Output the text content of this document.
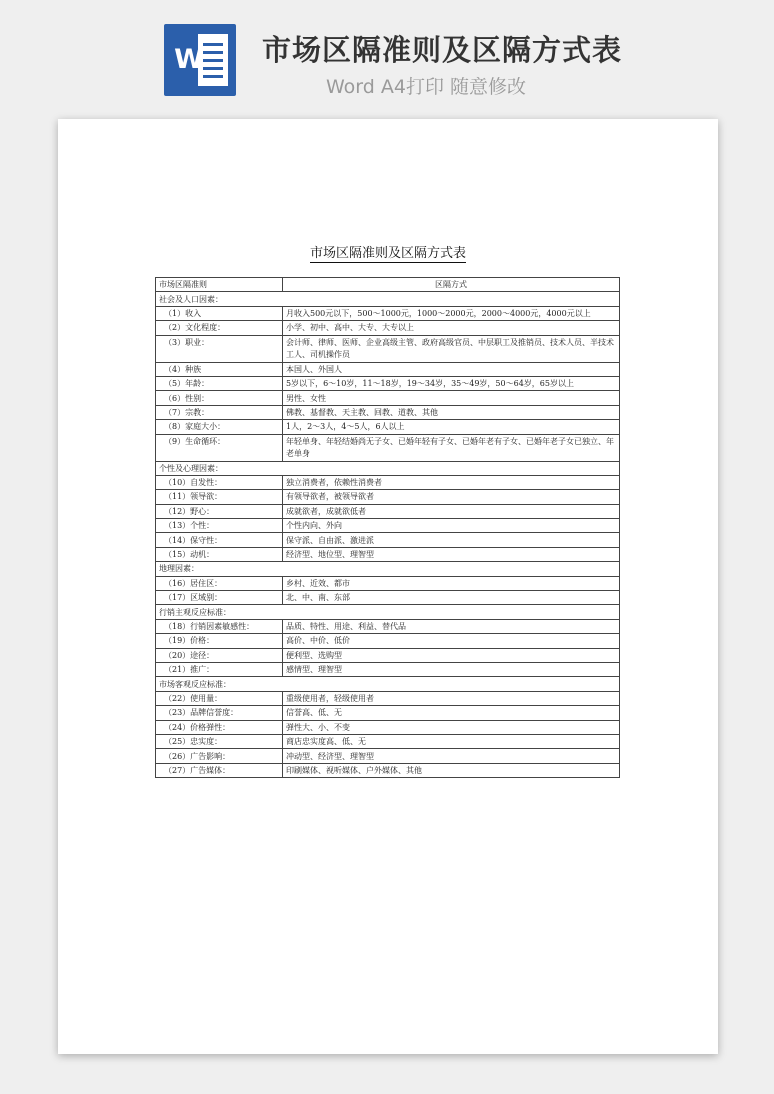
W 市场区隔准则及区隔方式表
Word A4打印 随意修改
市场区隔准则及区隔方式表
市场区隔准则	区隔方式
社会及人口因素：	
（1）收入	月收入500元以下，500～1000元，1000～2000元，2000～4000元，4000元以上
（2）文化程度：	小学、初中、高中、大专、大专以上
（3）职业：	会计师、律师、医师、企业高级主管、政府高级官员、中层职工及推销员、技术人员、半技术工人、司机操作员
（4）种族	本国人、外国人
（5）年龄：	5岁以下，6～10岁，11～18岁，19～34岁，35～49岁，50～64岁，65岁以上
（6）性别：	男性、女性
（7）宗教：	佛教、基督教、天主教、回教、道教、其他
（8）家庭大小：	1人，2～3人，4～5人，6人以上
（9）生命循环：	年轻单身、年轻结婚尚无子女、已婚年轻有子女、已婚年老有子女、已婚年老子女已独立、年老单身
个性及心理因素：	
（10）自发性：	独立消费者，依赖性消费者
（11）领导欲：	有领导欲者，被领导欲者
（12）野心：	成就欲者，成就欲低者
（13）个性：	个性内向、外向
（14）保守性：	保守派、自由派、激进派
（15）动机：	经济型、地位型、理智型
地理因素：	
（16）居住区：	乡村、近效、都市
（17）区域别：	北、中、南、东部
行销主观反应标准：	
（18）行销因素敏感性：	品质、特性、用途、利益、替代品
（19）价格：	高价、中价、低价
（20）途径：	便利型、选购型
（21）推广：	感情型、理智型
市场客观反应标准：	
（22）使用量：	重级使用者，轻级使用者
（23）品牌信誉度：	信誉高、低、无
（24）价格弹性：	弹性大、小、不变
（25）忠实度：	商店忠实度高、低、无
（26）广告影响：	冲动型、经济型、理智型
（27）广告媒体：	印刷媒体、视听媒体、户外媒体、其他
